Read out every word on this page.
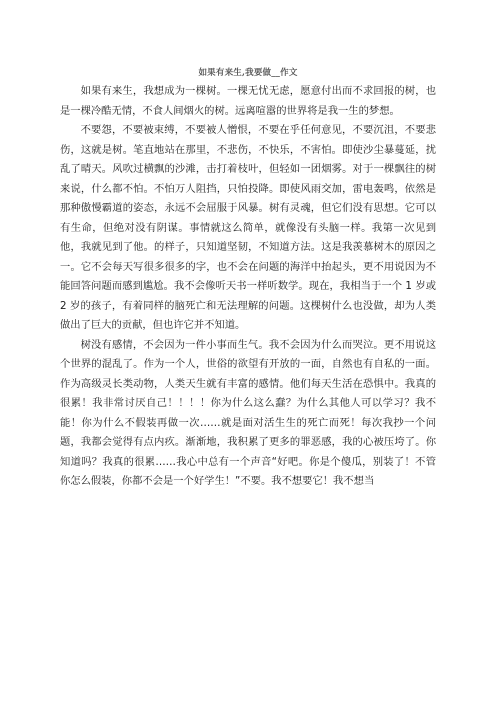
如果有来生,我要做__作文

如果有来生，我想成为一棵树。一棵无忧无虑，愿意付出而不求回报的树，也是一棵冷酷无情，不食人间烟火的树。远离喧嚣的世界将是我一生的梦想。

不要怨，不要被束缚，不要被人憎恨，不要在乎任何意见，不要沉沮，不要悲伤，这就是树。笔直地站在那里，不悲伤，不快乐，不害怕。即使沙尘暴蔓延，扰乱了晴天。风吹过横飘的沙滩，击打着枝叶，但轻如一团烟雾。对于一棵飘往的树来说，什么都不怕。不怕万人阻挡，只怕投降。即使风雨交加，雷电轰鸣，依然是那种傲慢霸道的姿态，永远不会屈服于风暴。树有灵魂，但它们没有思想。它可以有生命，但绝对没有阴谋。事情就这么简单，就像没有头脑一样。我第一次见到他，我就见到了他。的样子，只知道坚韧，不知道方法。这是我羡慕树木的原因之一。它不会每天写很多很多的字，也不会在问题的海洋中抬起头，更不用说因为不能回答问题而感到尴尬。我不会像听天书一样听数学。现在，我相当于一个 1 岁或 2 岁的孩子，有着同样的脑死亡和无法理解的问题。这棵树什么也没做，却为人类做出了巨大的贡献，但也许它并不知道。

树没有感情，不会因为一件小事而生气。我不会因为什么而哭泣。更不用说这个世界的混乱了。作为一个人，世俗的欲望有开放的一面，自然也有自私的一面。作为高级灵长类动物，人类天生就有丰富的感情。他们每天生活在恐惧中。我真的很累！我非常讨厌自己！！！！你为什么这么蠢？为什么其他人可以学习？我不能！你为什么不假装再做一次……就是面对活生生的死亡而死！每次我抄一个问题，我都会觉得有点内疚。渐渐地，我积累了更多的罪恶感，我的心被压垮了。你知道吗？我真的很累……我心中总有一个声音“好吧。你是个傻瓜，别装了！不管你怎么假装，你都不会是一个好学生！”不要。我不想要它！我不想当
